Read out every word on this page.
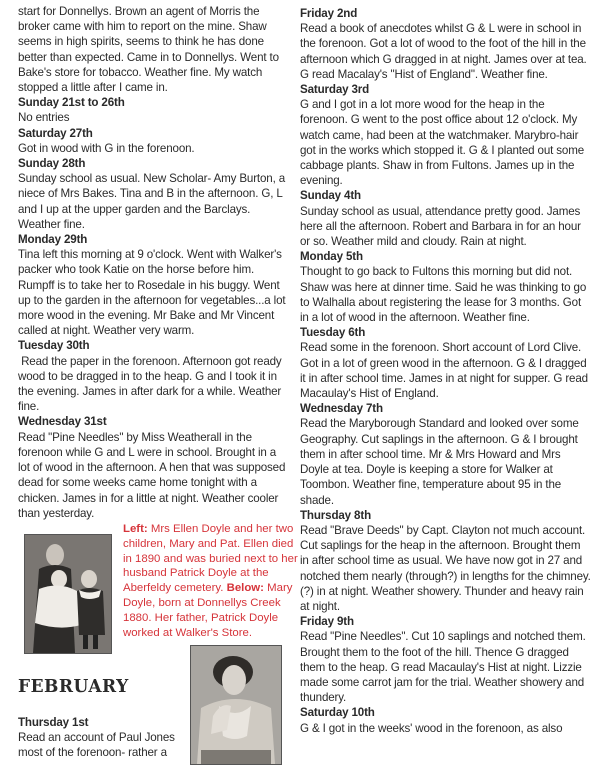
start for Donnellys. Brown an agent of Morris the broker came with him to report on the mine. Shaw seems in high spirits, seems to think he has done better than expected. Came in to Donnellys. Went to Bake's store for tobacco. Weather fine. My watch stopped a little after I came in.

Sunday 21st to 26th

No entries

Saturday 27th

Got in wood with G in the forenoon.

Sunday 28th

Sunday school as usual. New Scholar- Amy Burton, a niece of Mrs Bakes. Tina and B in the afternoon. G, L and I up at the upper garden and the Barclays. Weather fine.

Monday 29th

Tina left this morning at 9 o'clock. Went with Walker's packer who took Katie on the horse before him. Rumpff is to take her to Rosedale in his buggy. Went up to the garden in the afternoon for vegetables...a lot more wood in the evening. Mr Bake and Mr Vincent called at night. Weather very warm.

Tuesday 30th

Read the paper in the forenoon. Afternoon got ready wood to be dragged in to the heap. G and I took it in the evening. James in after dark for a while. Weather fine.

Wednesday 31st

Read "Pine Needles" by Miss Weatherall in the forenoon while G and L were in school. Brought in a lot of wood in the afternoon. A hen that was supposed dead for some weeks came home tonight with a chicken. James in for a little at night. Weather cooler than yesterday.

Left: Mrs Ellen Doyle and her two children, Mary and Pat. Ellen died in 1890 and was buried next to her husband Patrick Doyle at the Aberfeldy cemetery. Below: Mary Doyle, born at Donnellys Creek 1880. Her father, Patrick Doyle worked at Walker's Store.
FEBRUARY
Thursday 1st

Read an account of Paul Jones most of the forenoon- rather a

Friday 2nd

Read a book of anecdotes whilst G & L were in school in the forenoon. Got a lot of wood to the foot of the hill in the afternoon which G dragged in at night. James over at tea. G read Macalay's "Hist of England". Weather fine.

Saturday 3rd

G and I got in a lot more wood for the heap in the forenoon. G went to the post office about 12 o'clock. My watch came, had been at the watchmaker. Marybro-hair got in the works which stopped it. G & I planted out some cabbage plants. Shaw in from Fultons. James up in the evening.

Sunday 4th

Sunday school as usual, attendance pretty good. James here all the afternoon. Robert and Barbara in for an hour or so. Weather mild and cloudy. Rain at night.

Monday 5th

Thought to go back to Fultons this morning but did not. Shaw was here at dinner time. Said he was thinking to go to Walhalla about registering the lease for 3 months. Got in a lot of wood in the afternoon. Weather fine.

Tuesday 6th

Read some in the forenoon. Short account of Lord Clive. Got in a lot of green wood in the afternoon. G & I dragged it in after school time. James in at night for supper. G read Macaulay's Hist of England.

Wednesday 7th

Read the Maryborough Standard and looked over some Geography. Cut saplings in the afternoon. G & I brought them in after school time. Mr & Mrs Howard and Mrs Doyle at tea. Doyle is keeping a store for Walker at Toombon. Weather fine, temperature about 95 in the shade.

Thursday 8th

Read "Brave Deeds" by Capt. Clayton not much account. Cut saplings for the heap in the afternoon. Brought them in after school time as usual. We have now got in 27 and notched them nearly (through?) in lengths for the chimney. (?) in at night. Weather showery. Thunder and heavy rain at night.

Friday 9th

Read "Pine Needles". Cut 10 saplings and notched them. Brought them to the foot of the hill. Thence G dragged them to the heap. G read Macaulay's Hist at night. Lizzie made some carrot jam for the trial. Weather showery and thundery.

Saturday 10th

G & I got in the weeks' wood in the forenoon, as also
